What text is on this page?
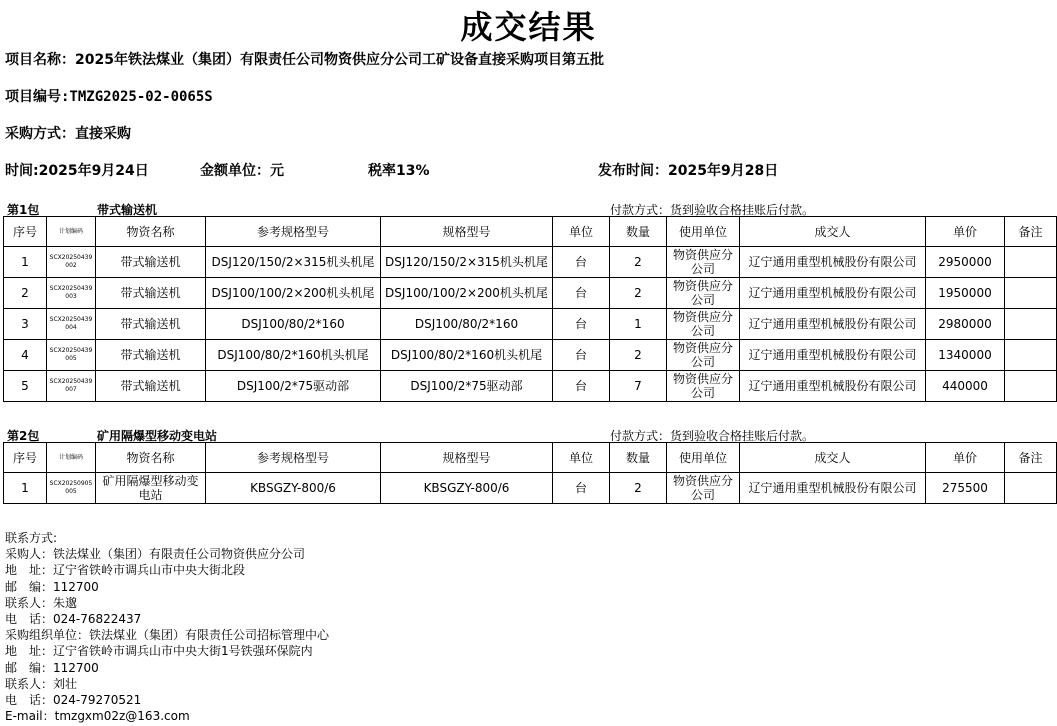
成交结果
项目名称：2025年铁法煤业（集团）有限责任公司物资供应分公司工矿设备直接采购项目第五批
项目编号:TMZG2025-02-0065S
采购方式：直接采购
时间:2025年9月24日	金额单位：元	税率13%	发布时间：2025年9月28日
第1包	带式输送机	付款方式：货到验收合格挂账后付款。
序号	计划编码	物资名称	参考规格型号	规格型号	单位	数量	使用单位	成交人	单价	备注
1	SCX20250439 002	带式输送机	DSJ120/150/2×315机头机尾	DSJ120/150/2×315机头机尾	台	2	物资供应分公司	辽宁通用重型机械股份有限公司	2950000	
2	SCX20250439 003	带式输送机	DSJ100/100/2×200机头机尾	DSJ100/100/2×200机头机尾	台	2	物资供应分公司	辽宁通用重型机械股份有限公司	1950000	
3	SCX20250439 004	带式输送机	DSJ100/80/2*160	DSJ100/80/2*160	台	1	物资供应分公司	辽宁通用重型机械股份有限公司	2980000	
4	SCX20250439 005	带式输送机	DSJ100/80/2*160机头机尾	DSJ100/80/2*160机头机尾	台	2	物资供应分公司	辽宁通用重型机械股份有限公司	1340000	
5	SCX20250439 007	带式输送机	DSJ100/2*75驱动部	DSJ100/2*75驱动部	台	7	物资供应分公司	辽宁通用重型机械股份有限公司	440000	
第2包	矿用隔爆型移动变电站	付款方式：货到验收合格挂账后付款。
序号	计划编码	物资名称	参考规格型号	规格型号	单位	数量	使用单位	成交人	单价	备注
1	SCX20250905 005	矿用隔爆型移动变电站	KBSGZY-800/6	KBSGZY-800/6	台	2	物资供应分公司	辽宁通用重型机械股份有限公司	275500	
联系方式:
采购人：铁法煤业（集团）有限责任公司物资供应分公司
地　址：辽宁省铁岭市调兵山市中央大街北段
邮　编：112700
联系人：朱邈
电　话：024-76822437
采购组织单位：铁法煤业（集团）有限责任公司招标管理中心
地　址：辽宁省铁岭市调兵山市中央大街1号铁强环保院内
邮　编：112700
联系人：刘壮
电　话：024-79270521
E-mail：tmzgxm02z@163.com
